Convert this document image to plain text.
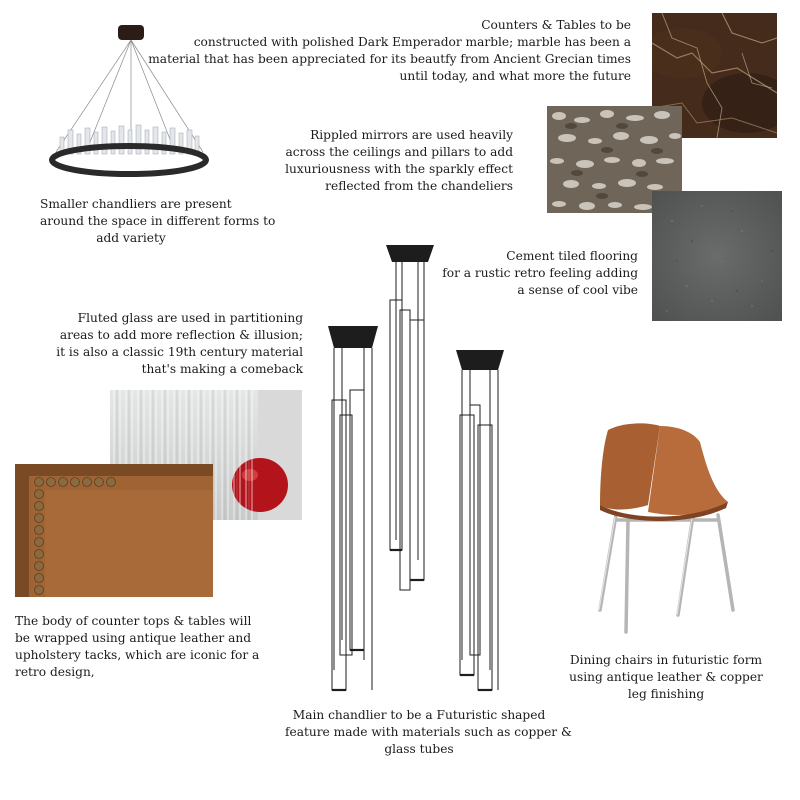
Counters & Tables to be
constructed with polished Dark Emperador marble; marble has been a
material that has been appreciated for its beautfy from Ancient Grecian times
until today, and what more the future
Smaller chandliers are present
around the space in different forms to
add variety
Rippled mirrors are used heavily
across the ceilings and pillars to add
luxuriousness with the sparkly effect
reflected from the chandeliers
Cement tiled flooring
for a rustic retro feeling adding
a sense of cool vibe
Fluted glass are used in partitioning
areas to add more reflection & illusion;
it is also a classic 19th century material
that's making a comeback
The body of counter tops & tables will
be wrapped using antique leather and
upholstery tacks, which are iconic for a
retro design,
Main chandlier to be a Futuristic shaped
feature made with materials such as copper &
glass tubes
Dining chairs in futuristic form
using antique leather & copper
leg finishing
